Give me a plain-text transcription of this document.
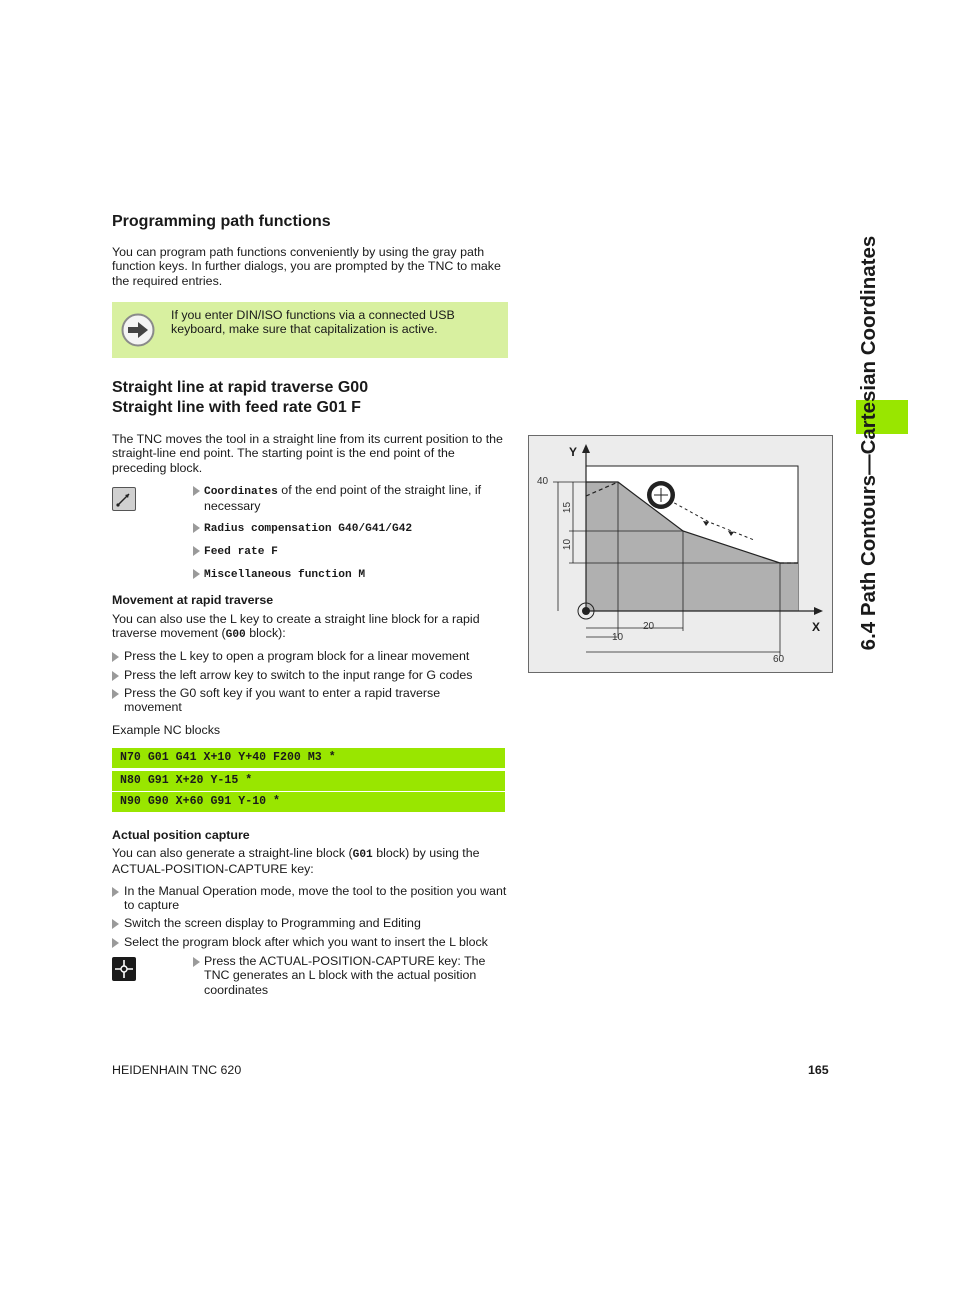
Programming path functions

You can program path functions conveniently by using the gray path function keys. In further dialogs, you are prompted by the TNC to make the required entries.

If you enter DIN/ISO functions via a connected USB keyboard, make sure that capitalization is active.

Straight line at rapid traverse G00
Straight line with feed rate G01 F

The TNC moves the tool in a straight line from its current position to the straight-line end point. The starting point is the end point of the preceding block.

Coordinates of the end point of the straight line, if necessary
Radius compensation G40/G41/G42
Feed rate F
Miscellaneous function M
Movement at rapid traverse

You can also use the L key to create a straight line block for a rapid traverse movement (G00 block):

Press the L key to open a program block for a linear movement
Press the left arrow key to switch to the input range for G codes
Press the G0 soft key if you want to enter a rapid traverse movement

Example NC blocks

N70 G01 G41 X+10 Y+40 F200 M3 *
N80 G91 X+20 Y-15 *
N90 G90 X+60 G91 Y-10 *
Actual position capture

You can also generate a straight-line block (G01 block) by using the ACTUAL-POSITION-CAPTURE key:

In the Manual Operation mode, move the tool to the position you want to capture
Switch the screen display to Programming and Editing
Select the program block after which you want to insert the L block
Press the ACTUAL-POSITION-CAPTURE key: The TNC generates an L block with the actual position coordinates
Y
X
40
15
10
20
10
60
6.4 Path Contours—Cartesian Coordinates
HEIDENHAIN TNC 620	165
